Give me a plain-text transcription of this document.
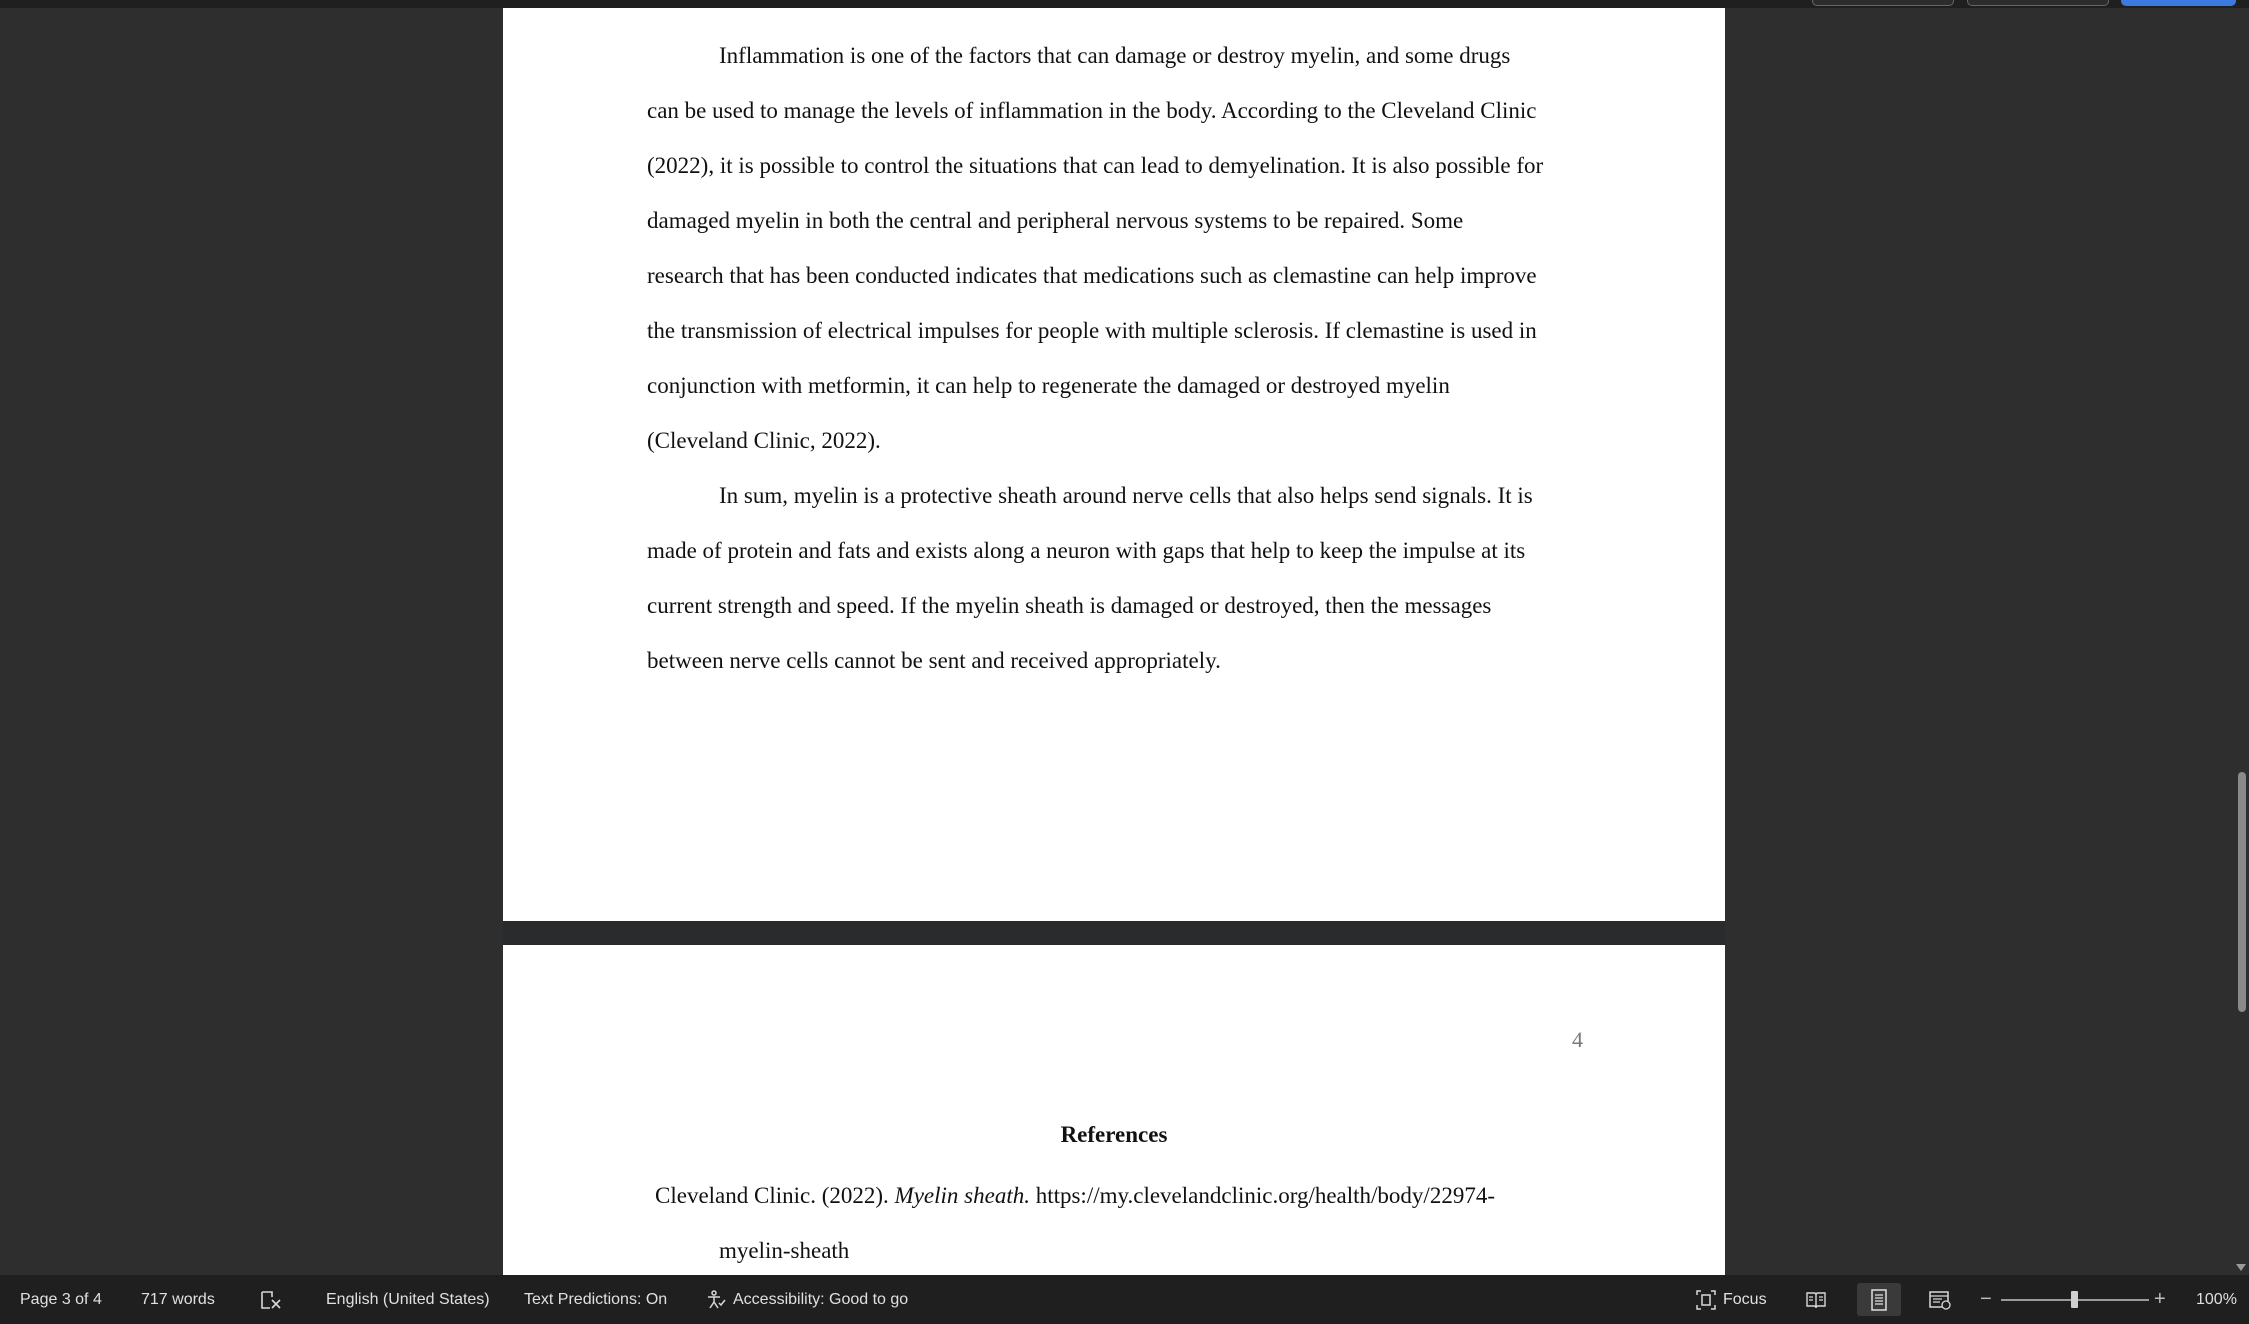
Inflammation is one of the factors that can damage or destroy myelin, and some drugs
can be used to manage the levels of inflammation in the body. According to the Cleveland Clinic
(2022), it is possible to control the situations that can lead to demyelination. It is also possible for
damaged myelin in both the central and peripheral nervous systems to be repaired. Some
research that has been conducted indicates that medications such as clemastine can help improve
the transmission of electrical impulses for people with multiple sclerosis. If clemastine is used in
conjunction with metformin, it can help to regenerate the damaged or destroyed myelin
(Cleveland Clinic, 2022).
In sum, myelin is a protective sheath around nerve cells that also helps send signals. It is
made of protein and fats and exists along a neuron with gaps that help to keep the impulse at its
current strength and speed. If the myelin sheath is damaged or destroyed, then the messages
between nerve cells cannot be sent and received appropriately.
4
References
Cleveland Clinic. (2022). Myelin sheath. https://my.clevelandclinic.org/health/body/22974-
myelin-sheath
Page 3 of 4 717 words	English (United States) Text Predictions: On	Accessibility: Good to go	Focus	−	+ 100%
